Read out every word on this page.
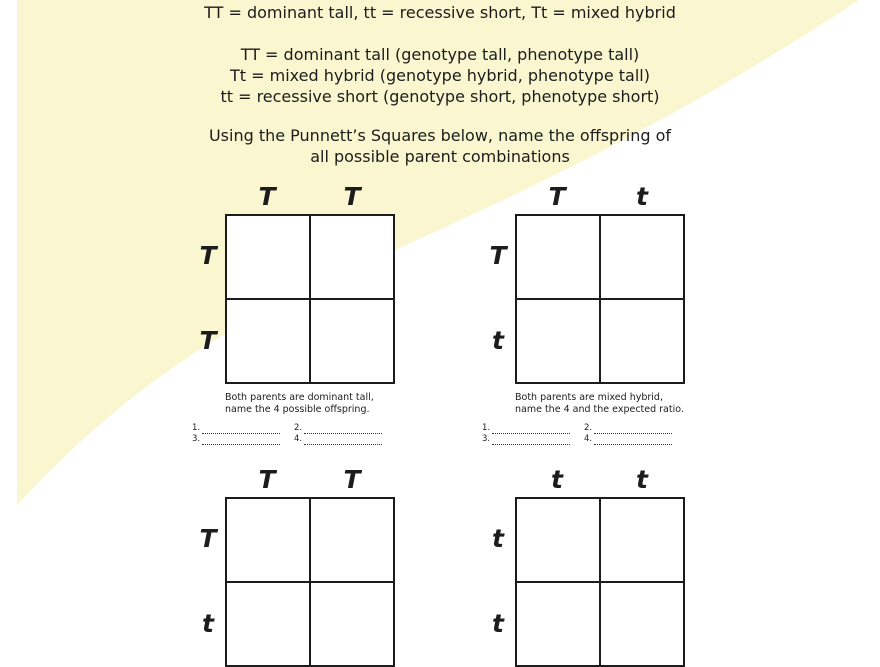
TT = dominant tall, tt = recessive short, Tt = mixed hybrid
TT = dominant tall (genotype tall, phenotype tall)
Tt = mixed hybrid (genotype hybrid, phenotype tall)
tt = recessive short (genotype short, phenotype short)
Using the Punnett’s Squares below, name the offspring of
all possible parent combinations
T	T
T
T
Both parents are dominant tall,
name the 4 possible offspring.
1.	2.
3.	4.
T	t
T
t
Both parents are mixed hybrid,
name the 4 and the expected ratio.
1.	2.
3.	4.
T	T
T
t
t	t
t
t
